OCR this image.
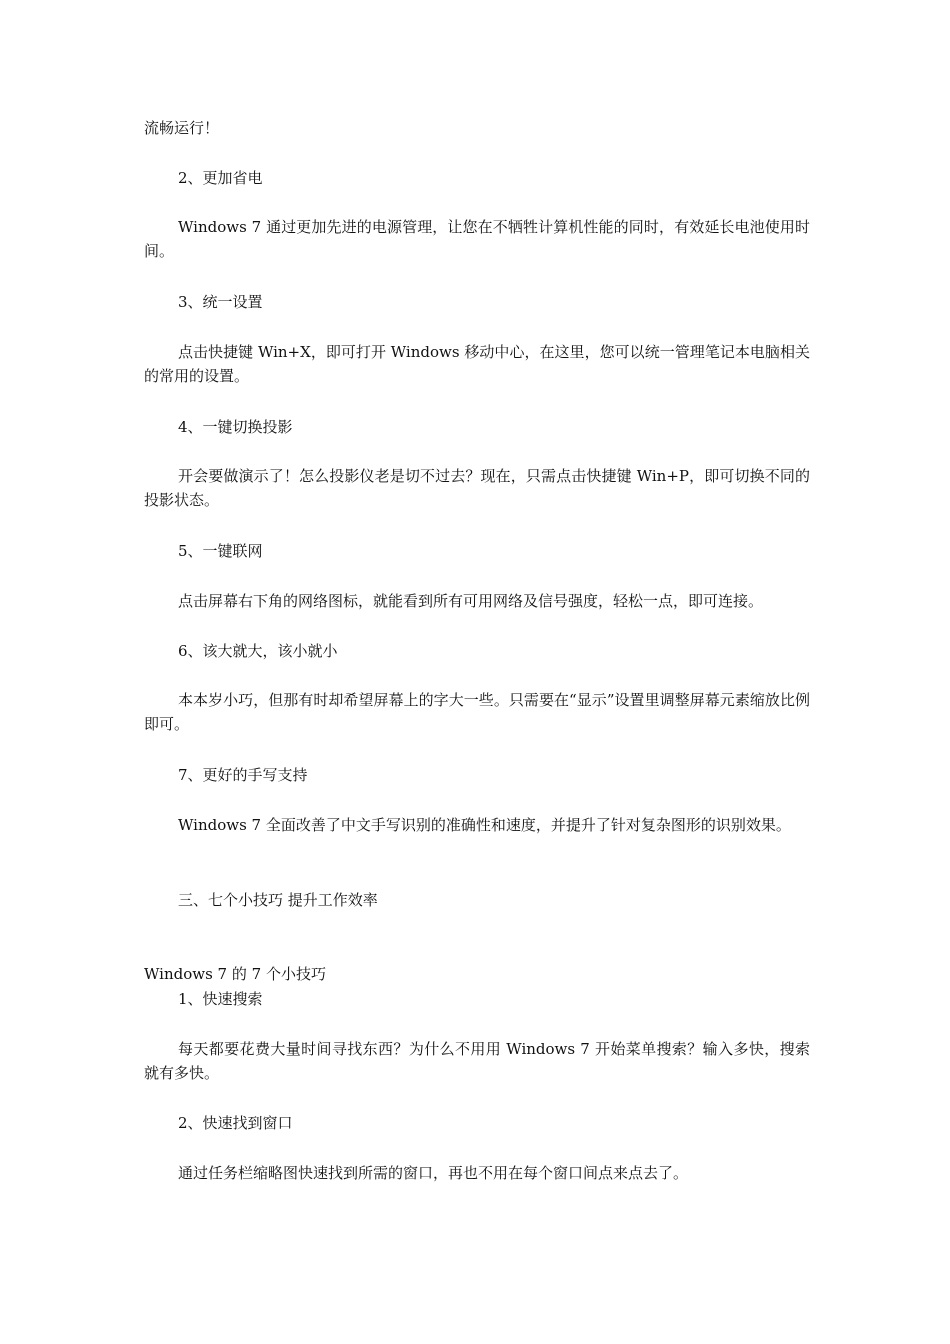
流畅运行！

2、更加省电

Windows 7 通过更加先进的电源管理，让您在不牺牲计算机性能的同时，有效延长电池使用时间。

3、统一设置

点击快捷键 Win+X，即可打开 Windows 移动中心，在这里，您可以统一管理笔记本电脑相关的常用的设置。

4、一键切换投影

开会要做演示了！怎么投影仪老是切不过去？现在，只需点击快捷键 Win+P，即可切换不同的投影状态。

5、一键联网

点击屏幕右下角的网络图标，就能看到所有可用网络及信号强度，轻松一点，即可连接。

6、该大就大，该小就小

本本岁小巧，但那有时却希望屏幕上的字大一些。只需要在“显示”设置里调整屏幕元素缩放比例即可。

7、更好的手写支持

Windows 7 全面改善了中文手写识别的准确性和速度，并提升了针对复杂图形的识别效果。

三、七个小技巧 提升工作效率

Windows 7 的 7 个小技巧

1、快速搜索

每天都要花费大量时间寻找东西？为什么不用用 Windows 7 开始菜单搜索？输入多快，搜索就有多快。

2、快速找到窗口

通过任务栏缩略图快速找到所需的窗口，再也不用在每个窗口间点来点去了。
